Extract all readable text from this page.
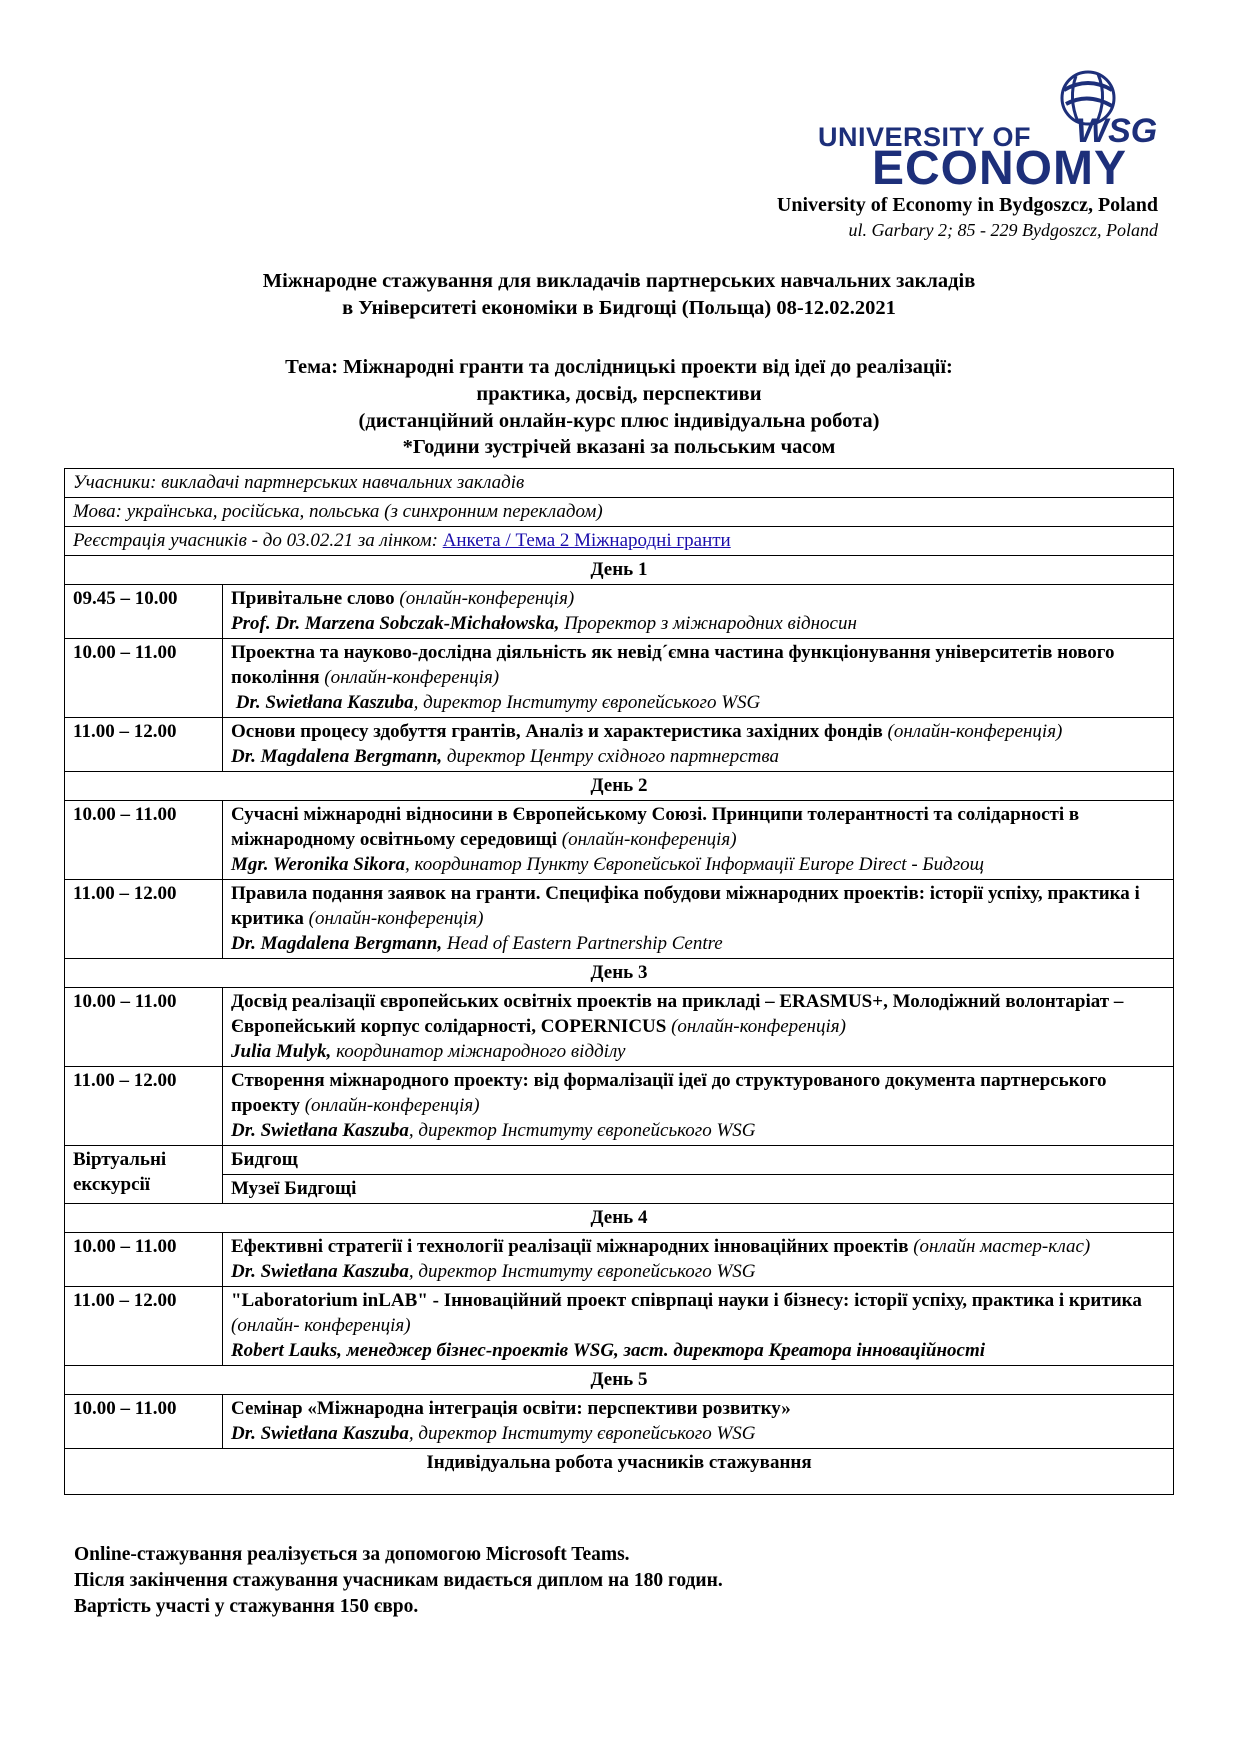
UNIVERSITY OF WSG
ECONOMY
University of Economy in Bydgoszcz, Poland
ul. Garbary 2; 85 - 229 Bydgoszcz, Poland
Міжнародне стажування для викладачів партнерських навчальних закладів
в Університеті економіки в Бидгощі (Польща) 08-12.02.2021
Тема: Міжнародні гранти та дослідницькі проекти від ідеї до реалізації:
практика, досвід, перспективи
(дистанційний онлайн-курс плюс індивідуальна робота)
*Години зустрічей вказані за польським часом
Учасники: викладачі партнерських навчальних закладів	
Мова: українська, російська, польська (з синхронним перекладом)	
Реєстрація учасників - до 03.02.21 за лінком: Анкета / Тема 2 Міжнародні гранти	
День 1	
09.45 – 10.00	Привітальне слово (онлайн-конференція)
Prof. Dr. Marzena Sobczak-Michałowska, Проректор з міжнародних відносин
10.00 – 11.00	Проектна та науково-дослідна діяльність як невід´ємна частина функціонування університетів нового покоління (онлайн-конференція)
Dr. Swietłana Kaszuba, директор Інституту європейського WSG
11.00 – 12.00	Основи процесу здобуття грантів, Аналіз и характеристика західних фондів (онлайн-конференція)
Dr. Magdalena Bergmann, директор Центру східного партнерства
День 2	
10.00 – 11.00	Сучасні міжнародні відносини в Європейському Союзі. Принципи толерантності та солідарності в міжнародному освітньому середовищі (онлайн-конференція)
Mgr. Weronika Sikora, координатор Пункту Європейської Інформації Europe Direct - Бидгощ
11.00 – 12.00	Правила подання заявок на гранти. Специфіка побудови міжнародних проектів: історії успіху, практика і критика (онлайн-конференція)
Dr. Magdalena Bergmann, Head of Eastern Partnership Centre
День 3	
10.00 – 11.00	Досвід реалізації європейських освітніх проектів на прикладі – ERASMUS+, Молодіжний волонтаріат – Європейський корпус солідарності, COPERNICUS (онлайн-конференція)
Julia Mulyk, координатор міжнародного відділу
11.00 – 12.00	Створення міжнародного проекту: від формалізації ідеї до структурованого документа партнерського проекту (онлайн-конференція)
Dr. Swietłana Kaszuba, директор Інституту європейського WSG
Віртуальні екскурсії	Бидгощ
	Музеї Бидгощі
День 4	
10.00 – 11.00	Ефективні стратегії і технології реалізації міжнародних інноваційних проектів (онлайн мастер-клас)
Dr. Swietłana Kaszuba, директор Інституту європейського WSG
11.00 – 12.00	"Laboratorium inLAB" - Інноваційний проект співрпаці науки і бізнесу: історії успіху, практика і критика (онлайн- конференція)
Robert Lauks, менеджер бізнес-проектів WSG, заст. директора Креатора інноваційності
День 5	
10.00 – 11.00	Семінар «Міжнародна інтеграція освіти: перспективи розвитку»
Dr. Swietłana Kaszuba, директор Інституту європейського WSG
Індивідуальна робота учасників стажування	
Online-стажування реалізується за допомогою Microsoft Teams.
Після закінчення стажування учасникам видається диплом на 180 годин.
Вартість участі у стажування 150 євро.
